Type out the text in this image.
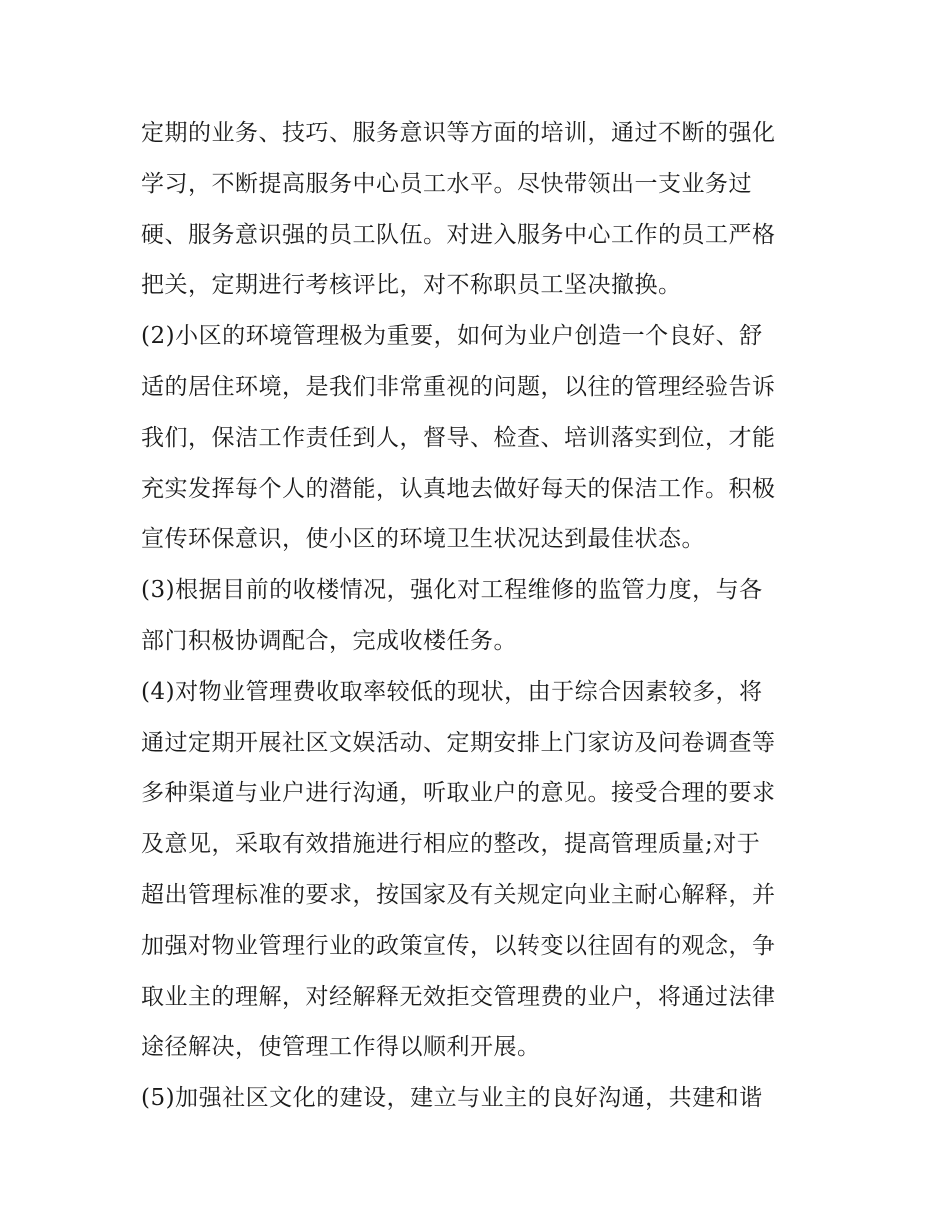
定期的业务、技巧、服务意识等方面的培训，通过不断的强化
学习，不断提高服务中心员工水平。尽快带领出一支业务过
硬、服务意识强的员工队伍。对进入服务中心工作的员工严格
把关，定期进行考核评比，对不称职员工坚决撤换。
(2)小区的环境管理极为重要，如何为业户创造一个良好、舒
适的居住环境，是我们非常重视的问题，以往的管理经验告诉
我们，保洁工作责任到人，督导、检查、培训落实到位，才能
充实发挥每个人的潜能，认真地去做好每天的保洁工作。积极
宣传环保意识，使小区的环境卫生状况达到最佳状态。
(3)根据目前的收楼情况，强化对工程维修的监管力度，与各
部门积极协调配合，完成收楼任务。
(4)对物业管理费收取率较低的现状，由于综合因素较多，将
通过定期开展社区文娱活动、定期安排上门家访及问卷调查等
多种渠道与业户进行沟通，听取业户的意见。接受合理的要求
及意见，采取有效措施进行相应的整改，提高管理质量;对于
超出管理标准的要求，按国家及有关规定向业主耐心解释，并
加强对物业管理行业的政策宣传，以转变以往固有的观念，争
取业主的理解，对经解释无效拒交管理费的业户，将通过法律
途径解决，使管理工作得以顺利开展。
(5)加强社区文化的建设，建立与业主的良好沟通，共建和谐
